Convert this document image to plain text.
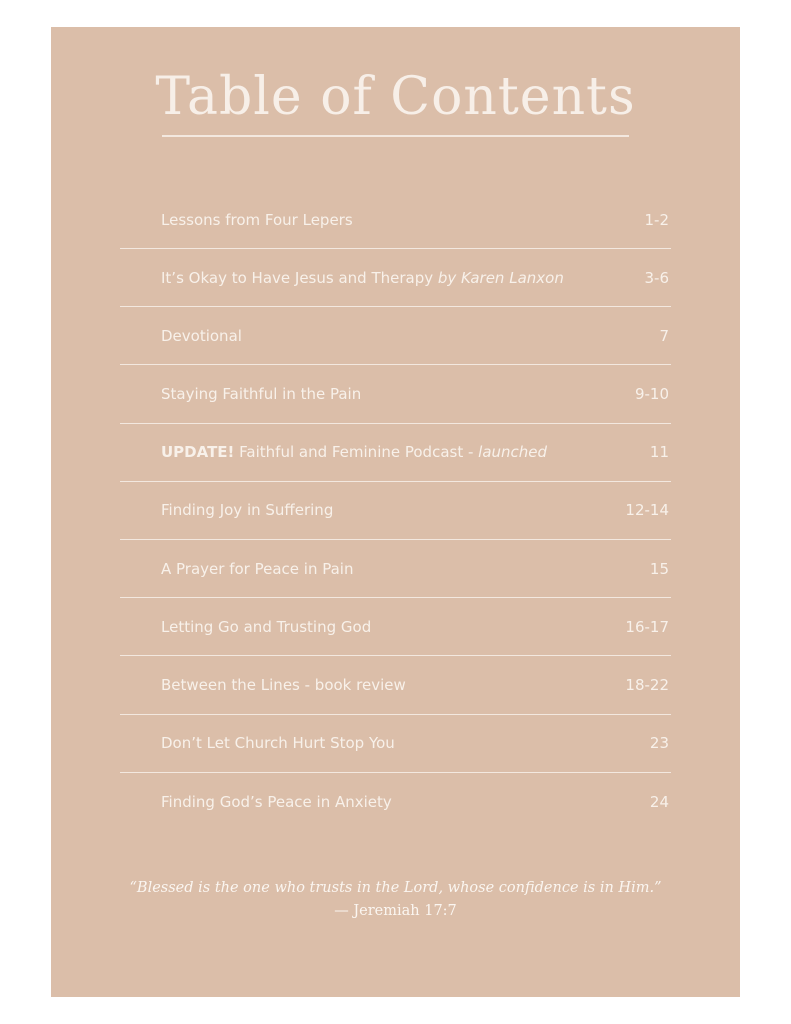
Table of Contents
Lessons from Four Lepers	1-2
It’s Okay to Have Jesus and Therapy by Karen Lanxon	3-6
Devotional	7
Staying Faithful in the Pain	9-10
UPDATE! Faithful and Feminine Podcast - launched	11
Finding Joy in Suffering	12-14
A Prayer for Peace in Pain	15
Letting Go and Trusting God	16-17
Between the Lines - book review	18-22
Don’t Let Church Hurt Stop You	23
Finding God’s Peace in Anxiety	24
“Blessed is the one who trusts in the Lord, whose confidence is in Him.”
— Jeremiah 17:7
